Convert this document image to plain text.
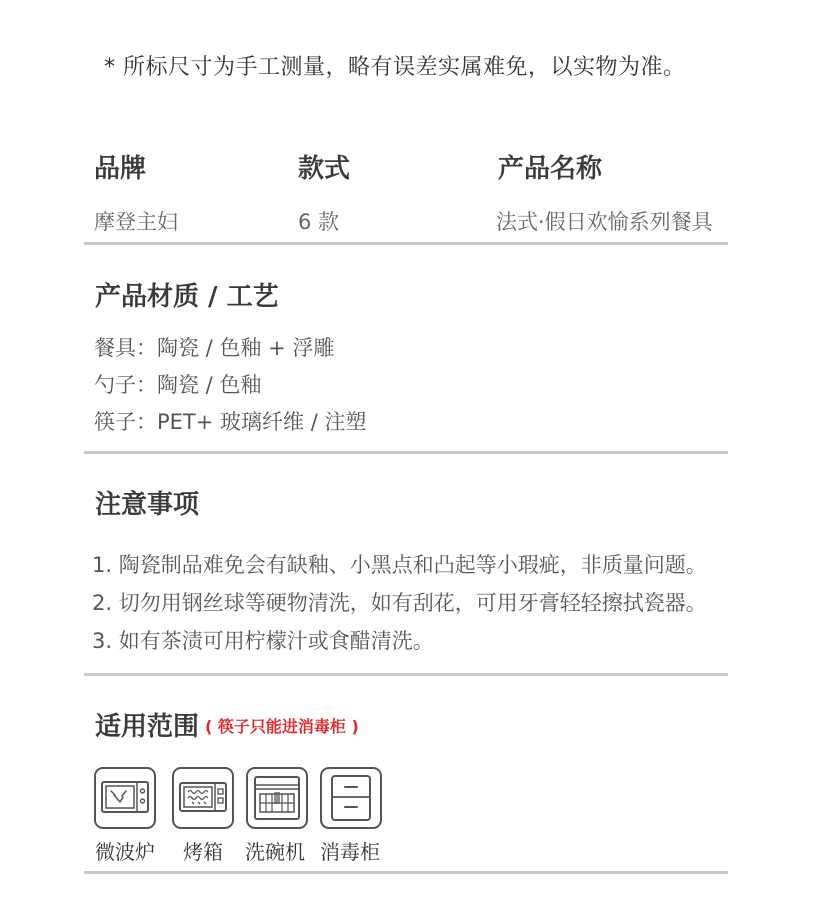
* 所标尺寸为手工测量，略有误差实属难免，以实物为准。
品牌	款式	产品名称
摩登主妇	6 款	法式·假日欢愉系列餐具
产品材质 / 工艺
餐具：陶瓷 / 色釉 + 浮雕
勺子：陶瓷 / 色釉
筷子：PET+ 玻璃纤维 / 注塑
注意事项
1. 陶瓷制品难免会有缺釉、小黑点和凸起等小瑕疵，非质量问题。
2. 切勿用钢丝球等硬物清洗，如有刮花，可用牙膏轻轻擦拭瓷器。
3. 如有茶渍可用柠檬汁或食醋清洗。
适用范围 ( 筷子只能进消毒柜 )
微波炉 烤箱 洗碗机 消毒柜
